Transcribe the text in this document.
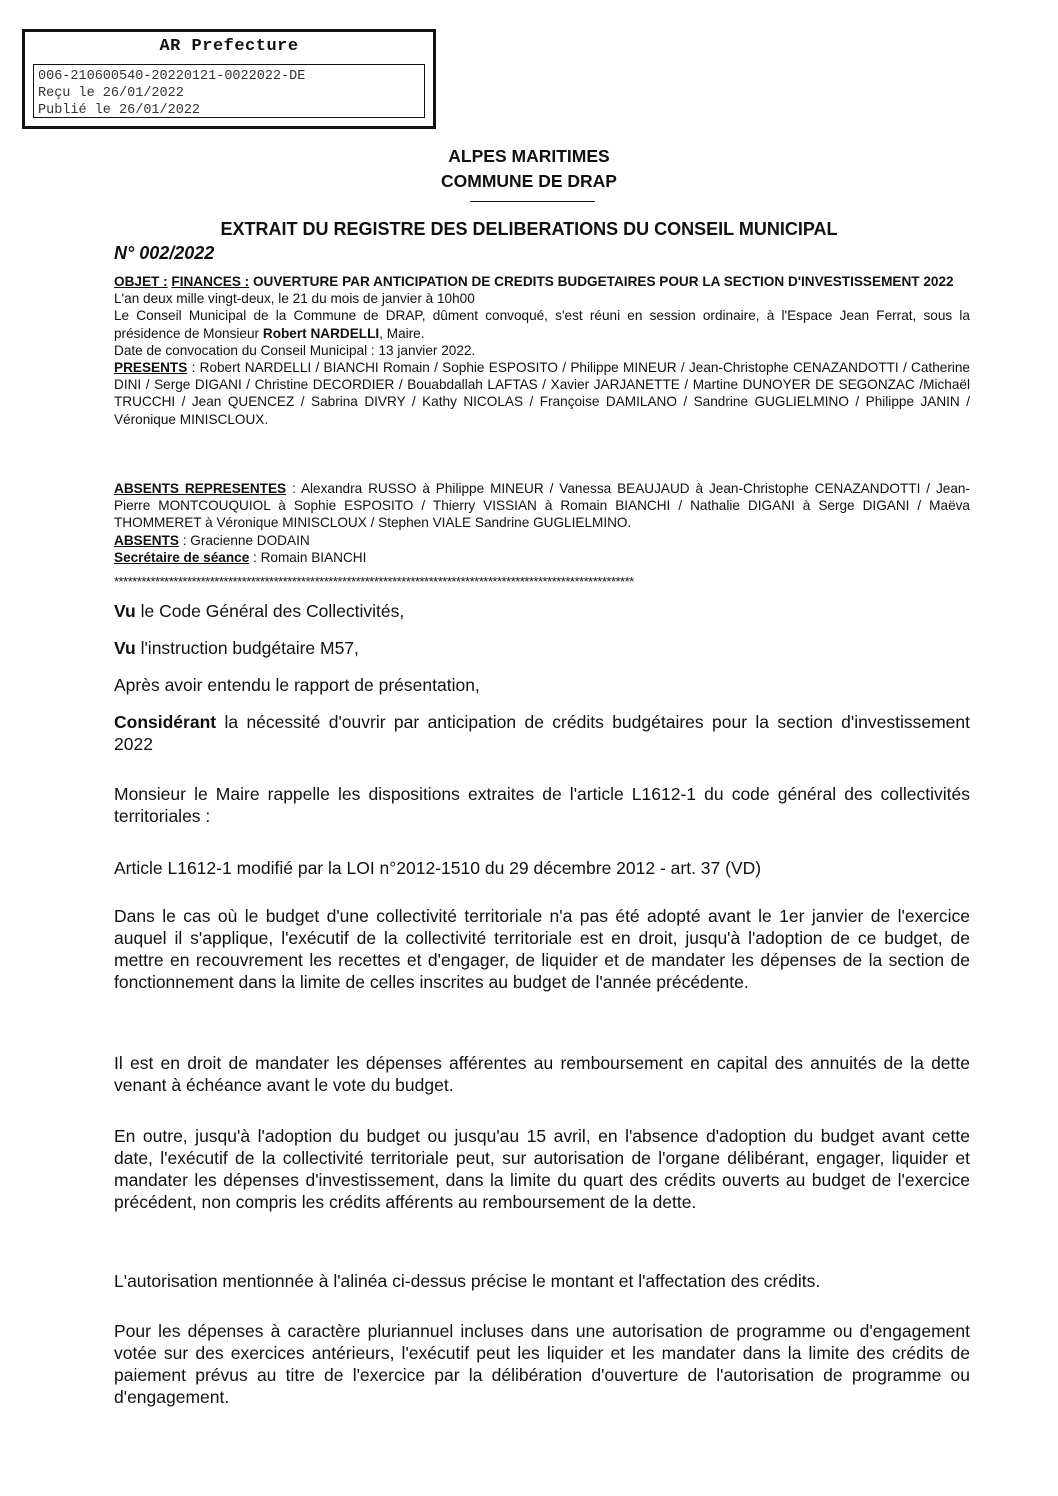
AR Prefecture
006-210600540-20220121-0022022-DE
Reçu le 26/01/2022
Publié le 26/01/2022
ALPES MARITIMES
COMMUNE DE DRAP
EXTRAIT DU REGISTRE DES DELIBERATIONS DU CONSEIL MUNICIPAL
N° 002/2022

OBJET : FINANCES : OUVERTURE PAR ANTICIPATION DE CREDITS BUDGETAIRES POUR LA SECTION D'INVESTISSEMENT 2022

L'an deux mille vingt-deux, le 21 du mois de janvier à 10h00

Le Conseil Municipal de la Commune de DRAP, dûment convoqué, s'est réuni en session ordinaire, à l'Espace Jean Ferrat, sous la présidence de Monsieur Robert NARDELLI, Maire.

Date de convocation du Conseil Municipal : 13 janvier 2022.

PRESENTS : Robert NARDELLI / BIANCHI Romain / Sophie ESPOSITO / Philippe MINEUR / Jean-Christophe CENAZANDOTTI / Catherine DINI / Serge DIGANI / Christine DECORDIER / Bouabdallah LAFTAS / Xavier JARJANETTE / Martine DUNOYER DE SEGONZAC /Michaël TRUCCHI / Jean QUENCEZ / Sabrina DIVRY / Kathy NICOLAS / Françoise DAMILANO / Sandrine GUGLIELMINO / Philippe JANIN / Véronique MINISCLOUX.

ABSENTS REPRESENTES : Alexandra RUSSO à Philippe MINEUR / Vanessa BEAUJAUD à Jean-Christophe CENAZANDOTTI / Jean-Pierre MONTCOUQUIOL à Sophie ESPOSITO / Thierry VISSIAN à Romain BIANCHI / Nathalie DIGANI à Serge DIGANI / Maëva THOMMERET à Véronique MINISCLOUX / Stephen VIALE Sandrine GUGLIELMINO.

ABSENTS : Gracienne DODAIN

Secrétaire de séance : Romain BIANCHI

******************************************************************************************************************

Vu le Code Général des Collectivités,

Vu l'instruction budgétaire M57,

Après avoir entendu le rapport de présentation,

Considérant la nécessité d'ouvrir par anticipation de crédits budgétaires pour la section d'investissement 2022

Monsieur le Maire rappelle les dispositions extraites de l'article L1612-1 du code général des collectivités territoriales :
Article L1612-1 modifié par la LOI n°2012-1510 du 29 décembre 2012 - art. 37 (VD)
Dans le cas où le budget d'une collectivité territoriale n'a pas été adopté avant le 1er janvier de l'exercice auquel il s'applique, l'exécutif de la collectivité territoriale est en droit, jusqu'à l'adoption de ce budget, de mettre en recouvrement les recettes et d'engager, de liquider et de mandater les dépenses de la section de fonctionnement dans la limite de celles inscrites au budget de l'année précédente.
Il est en droit de mandater les dépenses afférentes au remboursement en capital des annuités de la dette venant à échéance avant le vote du budget.
En outre, jusqu'à l'adoption du budget ou jusqu'au 15 avril, en l'absence d'adoption du budget avant cette date, l'exécutif de la collectivité territoriale peut, sur autorisation de l'organe délibérant, engager, liquider et mandater les dépenses d'investissement, dans la limite du quart des crédits ouverts au budget de l'exercice précédent, non compris les crédits afférents au remboursement de la dette.
L'autorisation mentionnée à l'alinéa ci-dessus précise le montant et l'affectation des crédits.
Pour les dépenses à caractère pluriannuel incluses dans une autorisation de programme ou d'engagement votée sur des exercices antérieurs, l'exécutif peut les liquider et les mandater dans la limite des crédits de paiement prévus au titre de l'exercice par la délibération d'ouverture de l'autorisation de programme ou d'engagement.
